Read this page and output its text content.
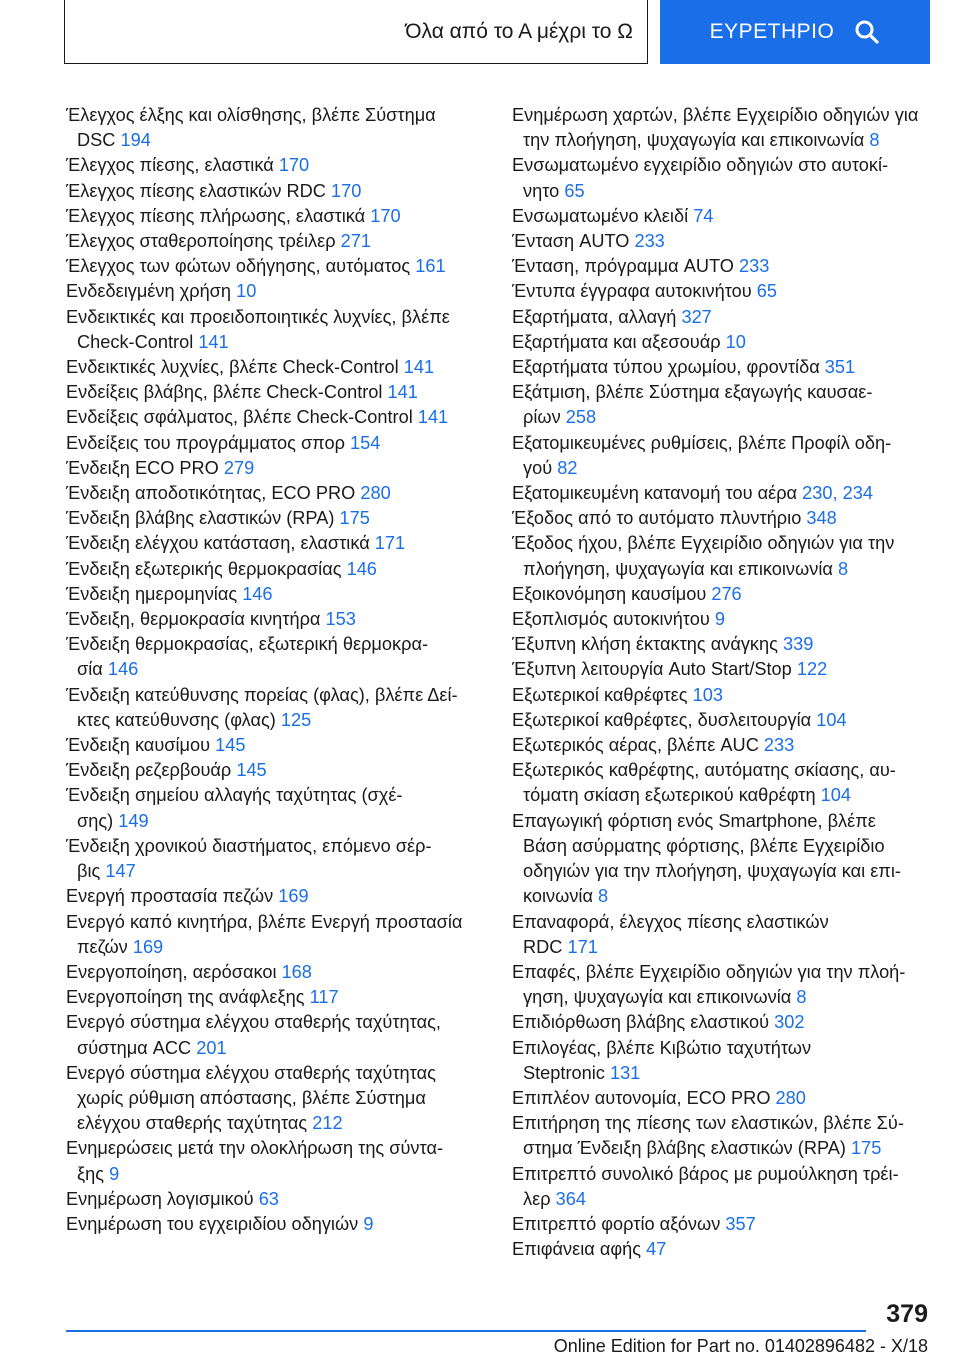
Όλα από το Α μέχρι το Ω	ΕΥΡΕΤΗΡΙΟ
Έλεγχος έλξης και ολίσθησης, βλέπε Σύστημα
DSC 194
Έλεγχος πίεσης, ελαστικά 170
Έλεγχος πίεσης ελαστικών RDC 170
Έλεγχος πίεσης πλήρωσης, ελαστικά 170
Έλεγχος σταθεροποίησης τρέιλερ 271
Έλεγχος των φώτων οδήγησης, αυτόματος 161
Ενδεδειγμένη χρήση 10
Ενδεικτικές και προειδοποιητικές λυχνίες, βλέπε
Check-Control 141
Ενδεικτικές λυχνίες, βλέπε Check-Control 141
Ενδείξεις βλάβης, βλέπε Check-Control 141
Ενδείξεις σφάλματος, βλέπε Check-Control 141
Ενδείξεις του προγράμματος σπορ 154
Ένδειξη ECO PRO 279
Ένδειξη αποδοτικότητας, ECO PRO 280
Ένδειξη βλάβης ελαστικών (RPA) 175
Ένδειξη ελέγχου κατάσταση, ελαστικά 171
Ένδειξη εξωτερικής θερμοκρασίας 146
Ένδειξη ημερομηνίας 146
Ένδειξη, θερμοκρασία κινητήρα 153
Ένδειξη θερμοκρασίας, εξωτερική θερμοκρα-
σία 146
Ένδειξη κατεύθυνσης πορείας (φλας), βλέπε Δεί-
κτες κατεύθυνσης (φλας) 125
Ένδειξη καυσίμου 145
Ένδειξη ρεζερβουάρ 145
Ένδειξη σημείου αλλαγής ταχύτητας (σχέ-
σης) 149
Ένδειξη χρονικού διαστήματος, επόμενο σέρ-
βις 147
Ενεργή προστασία πεζών 169
Ενεργό καπό κινητήρα, βλέπε Ενεργή προστασία
πεζών 169
Ενεργοποίηση, αερόσακοι 168
Ενεργοποίηση της ανάφλεξης 117
Ενεργό σύστημα ελέγχου σταθερής ταχύτητας,
σύστημα ACC 201
Ενεργό σύστημα ελέγχου σταθερής ταχύτητας
χωρίς ρύθμιση απόστασης, βλέπε Σύστημα
ελέγχου σταθερής ταχύτητας 212
Ενημερώσεις μετά την ολοκλήρωση της σύντα-
ξης 9
Ενημέρωση λογισμικού 63
Ενημέρωση του εγχειριδίου οδηγιών 9
Ενημέρωση χαρτών, βλέπε Εγχειρίδιο οδηγιών για
την πλοήγηση, ψυχαγωγία και επικοινωνία 8
Ενσωματωμένο εγχειρίδιο οδηγιών στο αυτοκί-
νητο 65
Ενσωματωμένο κλειδί 74
Ένταση AUTO 233
Ένταση, πρόγραμμα AUTO 233
Έντυπα έγγραφα αυτοκινήτου 65
Εξαρτήματα, αλλαγή 327
Εξαρτήματα και αξεσουάρ 10
Εξαρτήματα τύπου χρωμίου, φροντίδα 351
Εξάτμιση, βλέπε Σύστημα εξαγωγής καυσαε-
ρίων 258
Εξατομικευμένες ρυθμίσεις, βλέπε Προφίλ οδη-
γού 82
Εξατομικευμένη κατανομή του αέρα 230, 234
Έξοδος από το αυτόματο πλυντήριο 348
Έξοδος ήχου, βλέπε Εγχειρίδιο οδηγιών για την
πλοήγηση, ψυχαγωγία και επικοινωνία 8
Εξοικονόμηση καυσίμου 276
Εξοπλισμός αυτοκινήτου 9
Έξυπνη κλήση έκτακτης ανάγκης 339
Έξυπνη λειτουργία Auto Start/Stop 122
Εξωτερικοί καθρέφτες 103
Εξωτερικοί καθρέφτες, δυσλειτουργία 104
Εξωτερικός αέρας, βλέπε AUC 233
Εξωτερικός καθρέφτης, αυτόματης σκίασης, αυ-
τόματη σκίαση εξωτερικού καθρέφτη 104
Επαγωγική φόρτιση ενός Smartphone, βλέπε
Βάση ασύρματης φόρτισης, βλέπε Εγχειρίδιο
οδηγιών για την πλοήγηση, ψυχαγωγία και επι-
κοινωνία 8
Επαναφορά, έλεγχος πίεσης ελαστικών
RDC 171
Επαφές, βλέπε Εγχειρίδιο οδηγιών για την πλοή-
γηση, ψυχαγωγία και επικοινωνία 8
Επιδιόρθωση βλάβης ελαστικού 302
Επιλογέας, βλέπε Κιβώτιο ταχυτήτων
Steptronic 131
Επιπλέον αυτονομία, ECO PRO 280
Επιτήρηση της πίεσης των ελαστικών, βλέπε Σύ-
στημα Ένδειξη βλάβης ελαστικών (RPA) 175
Επιτρεπτό συνολικό βάρος με ρυμούλκηση τρέι-
λερ 364
Επιτρεπτό φορτίο αξόνων 357
Επιφάνεια αφής 47
379
Online Edition for Part no. 01402896482 - X/18
